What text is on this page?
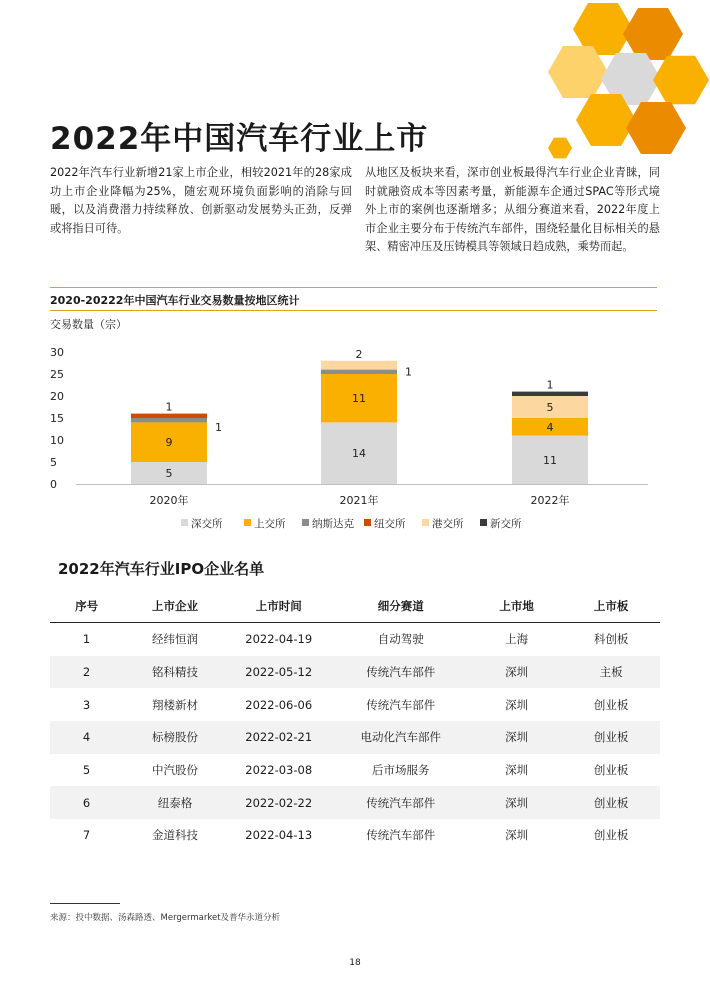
2022年中国汽车行业上市

2022年汽车行业新增21家上市企业，相较2021年的28家成功上市企业降幅为25%，随宏观环境负面影响的消除与回暖，以及消费潜力持续释放、创新驱动发展势头正劲，反弹或将指日可待。

从地区及板块来看，深市创业板最得汽车行业企业青睐，同时就融资成本等因素考量，新能源车企通过SPAC等形式境外上市的案例也逐渐增多；从细分赛道来看，2022年度上市企业主要分布于传统汽车部件，围绕轻量化目标相关的悬架、精密冲压及压铸模具等领域日趋成熟，乘势而起。

2020-20222年中国汽车行业交易数量按地区统计
交易数量（宗）
0
5
10
15
20
25
30
5
9
1
1
2020年
14
11
1
2
2021年
11
4
5
1
2022年
深交所	上交所	纳斯达克 纽交所	港交所	新交所
2022年汽车行业IPO企业名单
序号	上市企业	上市时间	细分赛道	上市地	上市板
1	经纬恒润	2022-04-19	自动驾驶	上海	科创板
2	铭科精技	2022-05-12	传统汽车部件	深圳	主板
3	翔楼新材	2022-06-06	传统汽车部件	深圳	创业板
4	标榜股份	2022-02-21	电动化汽车部件	深圳	创业板
5	中汽股份	2022-03-08	后市场服务	深圳	创业板
6	纽泰格	2022-02-22	传统汽车部件	深圳	创业板
7	金道科技	2022-04-13	传统汽车部件	深圳	创业板

来源：投中数据、汤森路透、Mergermarket及普华永道分析

18
